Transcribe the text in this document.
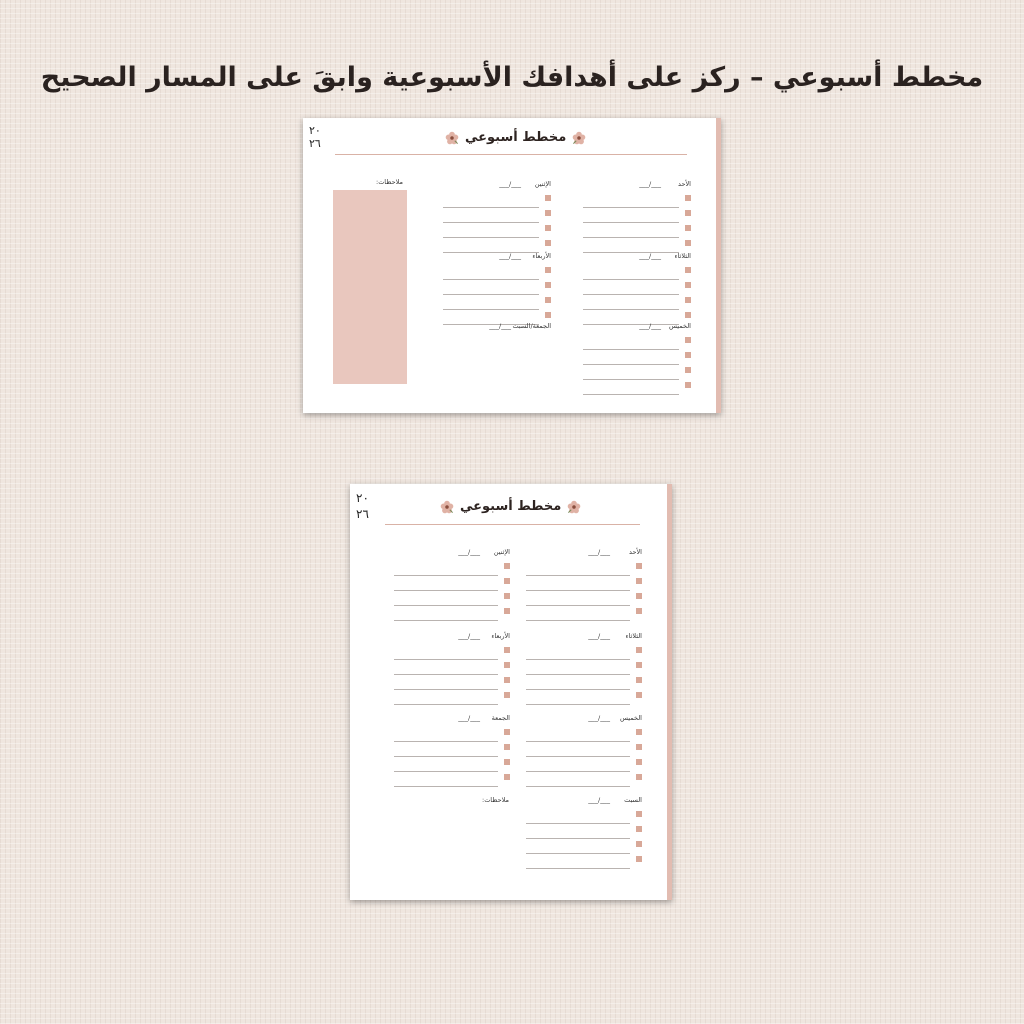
مخطط أسبوعي – ركز على أهدافك الأسبوعية وابقَ على المسار الصحيح
٢٠
٢٦	مخطط أسبوعي
الأحد
___/___
الإثنين
___/___
الثلاثاء
___/___
الأربعاء
___/___
الخميس
___/___
الجمعة/السبت
___/___
ملاحظات:
٢٠
٢٦	مخطط أسبوعي
الأحد
___/___
الإثنين
___/___
الثلاثاء
___/___
الأربعاء
___/___
الخميس
___/___
الجمعة
___/___
السبت
___/___
ملاحظات:
